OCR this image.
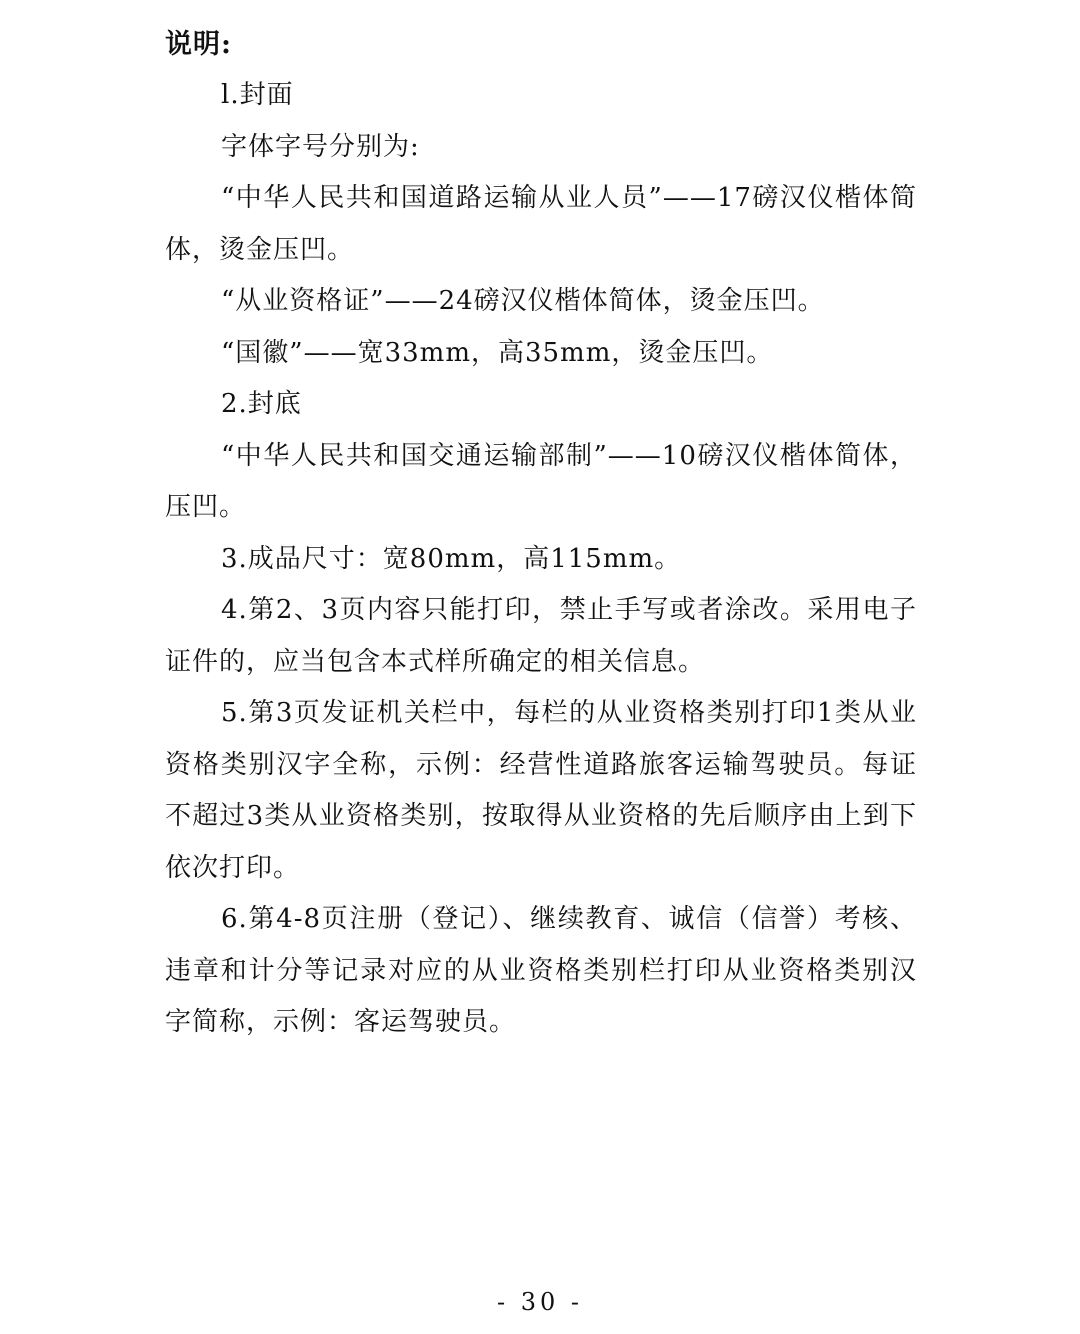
说明:

l.封面

字体字号分别为:

“中华人民共和国道路运输从业人员”——17磅汉仪楷体简体，烫金压凹。

“从业资格证”——24磅汉仪楷体简体，烫金压凹。

“国徽”——宽33mm，高35mm，烫金压凹。

2.封底

“中华人民共和国交通运输部制”——10磅汉仪楷体简体，压凹。

3.成品尺寸：宽80mm，高115mm。

4.第2、3页内容只能打印，禁止手写或者涂改。采用电子证件的，应当包含本式样所确定的相关信息。

5.第3页发证机关栏中，每栏的从业资格类别打印1类从业资格类别汉字全称，示例：经营性道路旅客运输驾驶员。每证不超过3类从业资格类别，按取得从业资格的先后顺序由上到下依次打印。

6.第4-8页注册（登记）、继续教育、诚信（信誉）考核、违章和计分等记录对应的从业资格类别栏打印从业资格类别汉字简称，示例：客运驾驶员。

- 30 -
